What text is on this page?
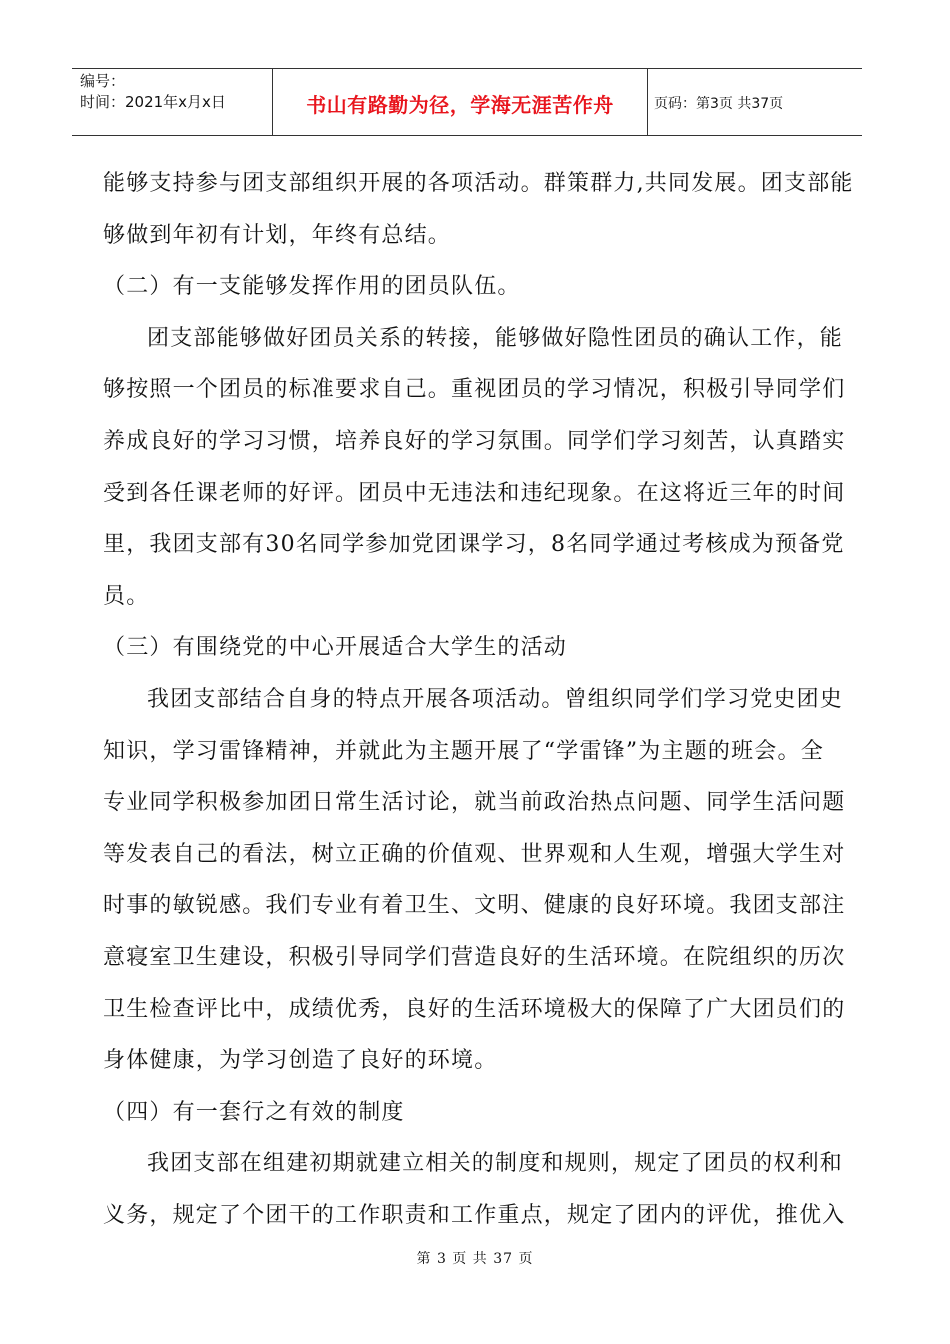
编号：
时间：2021年x月x日	书山有路勤为径，学海无涯苦作舟	页码：第3页 共37页
能够支持参与团支部组织开展的各项活动。群策群力,共同发展。团支部能
够做到年初有计划，年终有总结。
（二）有一支能够发挥作用的团员队伍。
团支部能够做好团员关系的转接，能够做好隐性团员的确认工作，能
够按照一个团员的标准要求自己。重视团员的学习情况，积极引导同学们
养成良好的学习习惯，培养良好的学习氛围。同学们学习刻苦，认真踏实
受到各任课老师的好评。团员中无违法和违纪现象。在这将近三年的时间
里，我团支部有30名同学参加党团课学习，8名同学通过考核成为预备党
员。
（三）有围绕党的中心开展适合大学生的活动
我团支部结合自身的特点开展各项活动。曾组织同学们学习党史团史
知识，学习雷锋精神，并就此为主题开展了“学雷锋”为主题的班会。全
专业同学积极参加团日常生活讨论，就当前政治热点问题、同学生活问题
等发表自己的看法，树立正确的价值观、世界观和人生观，增强大学生对
时事的敏锐感。我们专业有着卫生、文明、健康的良好环境。我团支部注
意寝室卫生建设，积极引导同学们营造良好的生活环境。在院组织的历次
卫生检查评比中，成绩优秀，良好的生活环境极大的保障了广大团员们的
身体健康，为学习创造了良好的环境。
（四）有一套行之有效的制度
我团支部在组建初期就建立相关的制度和规则，规定了团员的权利和
义务，规定了个团干的工作职责和工作重点，规定了团内的评优，推优入
第 3 页 共 37 页
